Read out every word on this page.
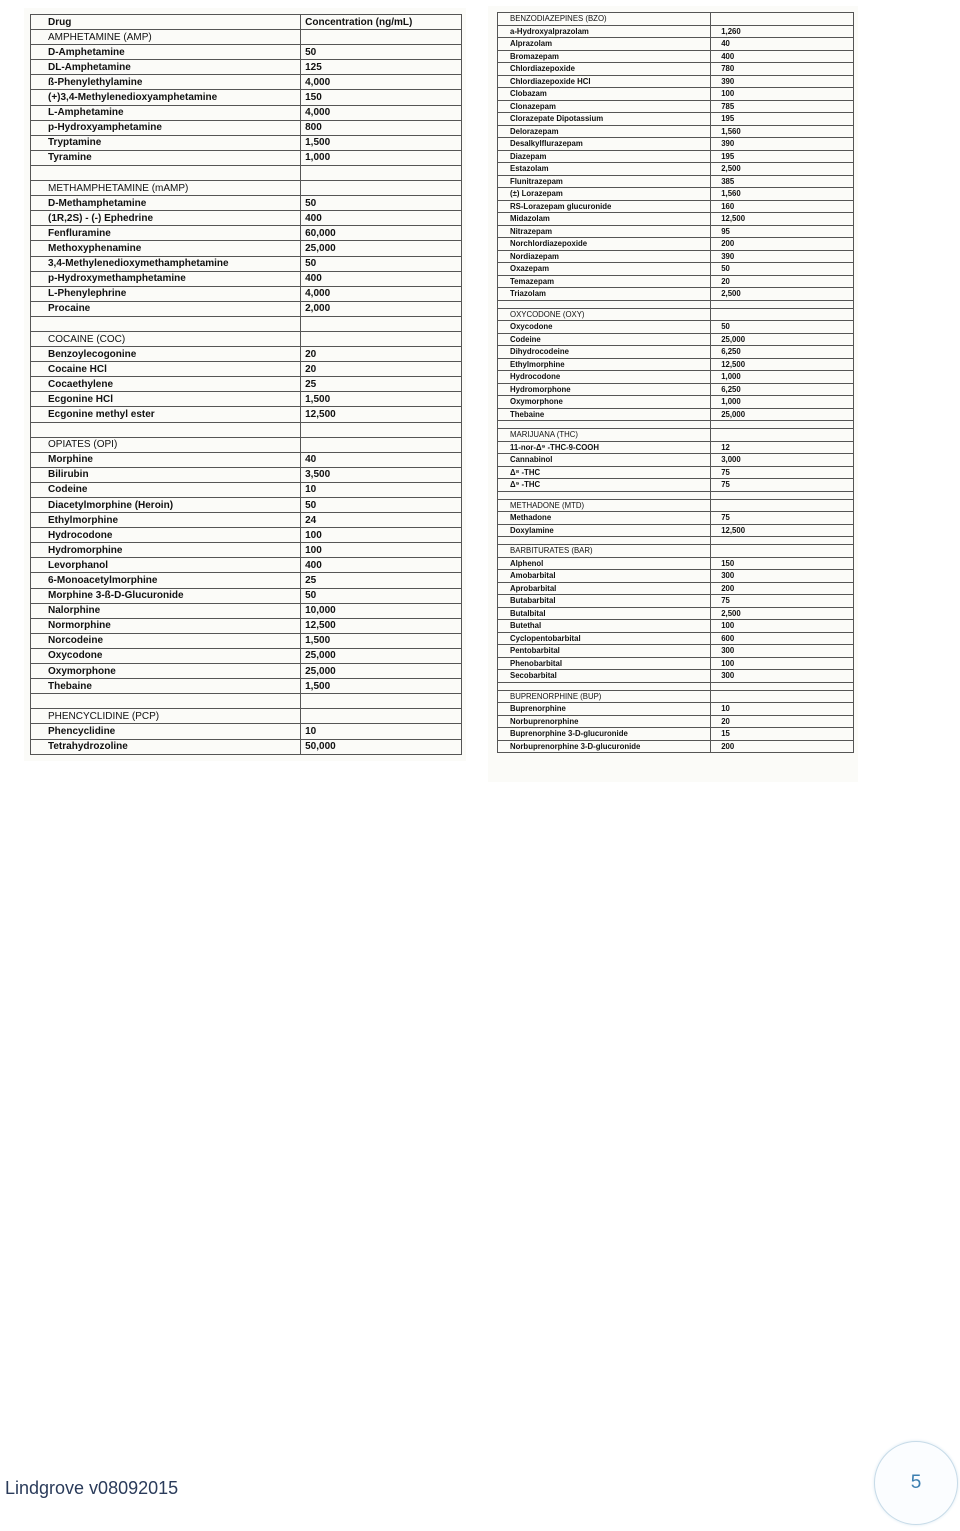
Drug	Concentration (ng/mL)
AMPHETAMINE (AMP)	
D-Amphetamine	50
DL-Amphetamine	125
ß-Phenylethylamine	4,000
(+)3,4-Methylenedioxyamphetamine	150
L-Amphetamine	4,000
p-Hydroxyamphetamine	800
Tryptamine	1,500
Tyramine	1,000

METHAMPHETAMINE (mAMP)	
D-Methamphetamine	50
(1R,2S) - (-) Ephedrine	400
Fenfluramine	60,000
Methoxyphenamine	25,000
3,4-Methylenedioxymethamphetamine	50
p-Hydroxymethamphetamine	400
L-Phenylephrine	4,000
Procaine	2,000

COCAINE (COC)	
Benzoylecogonine	20
Cocaine HCl	20
Cocaethylene	25
Ecgonine HCl	1,500
Ecgonine methyl ester	12,500

OPIATES (OPI)	
Morphine	40
Bilirubin	3,500
Codeine	10
Diacetylmorphine (Heroin)	50
Ethylmorphine	24
Hydrocodone	100
Hydromorphine	100
Levorphanol	400
6-Monoacetylmorphine	25
Morphine 3-ß-D-Glucuronide	50
Nalorphine	10,000
Normorphine	12,500
Norcodeine	1,500
Oxycodone	25,000
Oxymorphone	25,000
Thebaine	1,500

PHENCYCLIDINE (PCP)	
Phencyclidine	10
Tetrahydrozoline	50,000
BENZODIAZEPINES (BZO)	
a-Hydroxyalprazolam	1,260
Alprazolam	40
Bromazepam	400
Chlordiazepoxide	780
Chlordiazepoxide HCl	390
Clobazam	100
Clonazepam	785
Clorazepate Dipotassium	195
Delorazepam	1,560
Desalkylflurazepam	390
Diazepam	195
Estazolam	2,500
Flunitrazepam	385
(±) Lorazepam	1,560
RS-Lorazepam glucuronide	160
Midazolam	12,500
Nitrazepam	95
Norchlordiazepoxide	200
Nordiazepam	390
Oxazepam	50
Temazepam	20
Triazolam	2,500

OXYCODONE (OXY)	
Oxycodone	50
Codeine	25,000
Dihydrocodeine	6,250
Ethylmorphine	12,500
Hydrocodone	1,000
Hydromorphone	6,250
Oxymorphone	1,000
Thebaine	25,000

MARIJUANA (THC)	
11-nor-Δ⁹ -THC-9-COOH	12
Cannabinol	3,000
Δ⁸ -THC	75
Δ⁹ -THC	75

METHADONE (MTD)	
Methadone	75
Doxylamine	12,500

BARBITURATES (BAR)	
Alphenol	150
Amobarbital	300
Aprobarbital	200
Butabarbital	75
Butalbital	2,500
Butethal	100
Cyclopentobarbital	600
Pentobarbital	300
Phenobarbital	100
Secobarbital	300

BUPRENORPHINE (BUP)	
Buprenorphine	10
Norbuprenorphine	20
Buprenorphine 3-D-glucuronide	15
Norbuprenorphine 3-D-glucuronide	200
Lindgrove v08092015	5
